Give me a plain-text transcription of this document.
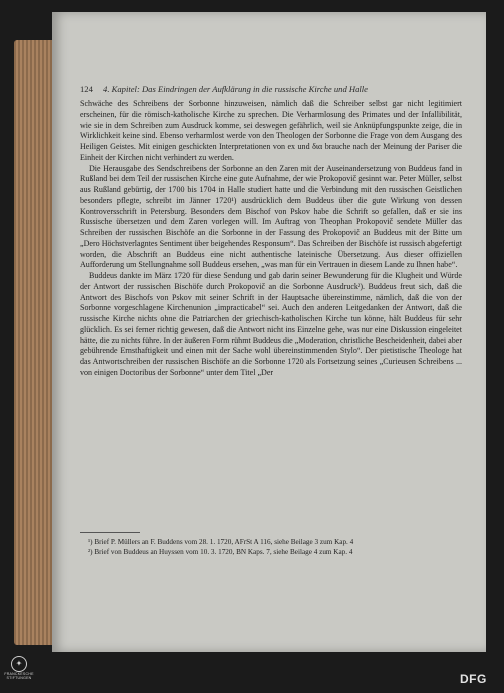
124 4. Kapitel: Das Eindringen der Aufklärung in die russische Kirche und Halle

Schwäche des Schreibens der Sorbonne hinzuweisen, nämlich daß die Schreiber selbst gar nicht legitimiert erscheinen, für die römisch-katholische Kirche zu sprechen. Die Verharmlosung des Primates und der Infallibilität, wie sie in dem Schreiben zum Ausdruck komme, sei deswegen gefährlich, weil sie Anknüpfungspunkte zeige, die in Wirklichkeit keine sind. Ebenso verharmlost werde von den Theologen der Sorbonne die Frage von dem Ausgang des Heiligen Geistes. Mit einigen geschickten Interpretationen von ex und δια brauche nach der Meinung der Pariser die Einheit der Kirchen nicht verhindert zu werden.

Die Herausgabe des Sendschreibens der Sorbonne an den Zaren mit der Auseinandersetzung von Buddeus fand in Rußland bei dem Teil der russischen Kirche eine gute Aufnahme, der wie Prokopovič gesinnt war. Peter Müller, selbst aus Rußland gebürtig, der 1700 bis 1704 in Halle studiert hatte und die Verbindung mit den russischen Geistlichen besonders pflegte, schreibt im Jänner 1720¹) ausdrücklich dem Buddeus über die gute Wirkung von dessen Kontroversschrift in Petersburg. Besonders dem Bischof von Pskov habe die Schrift so gefallen, daß er sie ins Russische übersetzen und dem Zaren vorlegen will. Im Auftrag von Theophan Prokopovič sendete Müller das Schreiben der russischen Bischöfe an die Sorbonne in der Fassung des Prokopovič an Buddeus mit der Bitte um „Dero Höchstverlagntes Sentiment über beigehendes Responsum“. Das Schreiben der Bischöfe ist russisch abgefertigt worden, die Abschrift an Buddeus eine nicht authentische lateinische Übersetzung. Aus dieser offiziellen Aufforderung um Stellungnahme soll Buddeus ersehen, „was man für ein Vertrauen in diesem Lande zu Ihnen habe“.

Buddeus dankte im März 1720 für diese Sendung und gab darin seiner Bewunderung für die Klugheit und Würde der Antwort der russischen Bischöfe durch Prokopovič an die Sorbonne Ausdruck²). Buddeus freut sich, daß die Antwort des Bischofs von Pskov mit seiner Schrift in der Hauptsache übereinstimme, nämlich, daß die von der Sorbonne vorgeschlagene Kirchenunion „impracticabel“ sei. Auch den anderen Leitgedanken der Antwort, daß die russische Kirche nichts ohne die Patriarchen der griechisch-katholischen Kirche tun könne, hält Buddeus für sehr glücklich. Es sei ferner richtig gewesen, daß die Antwort nicht ins Einzelne gehe, was nur eine Diskussion eingeleitet hätte, die zu nichts führe. In der äußeren Form rühmt Buddeus die „Moderation, christliche Bescheidenheit, dabei aber gebührende Ernsthaftigkeit und einen mit der Sache wohl übereinstimmenden Stylo“. Der pietistische Theologe hat das Antwortschreiben der russischen Bischöfe an die Sorbonne 1720 als Fortsetzung seines „Curieusen Schreibens ... von einigen Doctoribus der Sorbonne“ unter dem Titel „Der

¹) Brief P. Müllers an F. Buddens vom 28. 1. 1720, AFrSt A 116, siehe Beilage 3 zum Kap. 4
²) Brief von Buddeus an Huyssen vom 10. 3. 1720, BN Kaps. 7, siehe Beilage 4 zum Kap. 4
✦
FRANCKESCHE
STIFTUNGEN	DFG
